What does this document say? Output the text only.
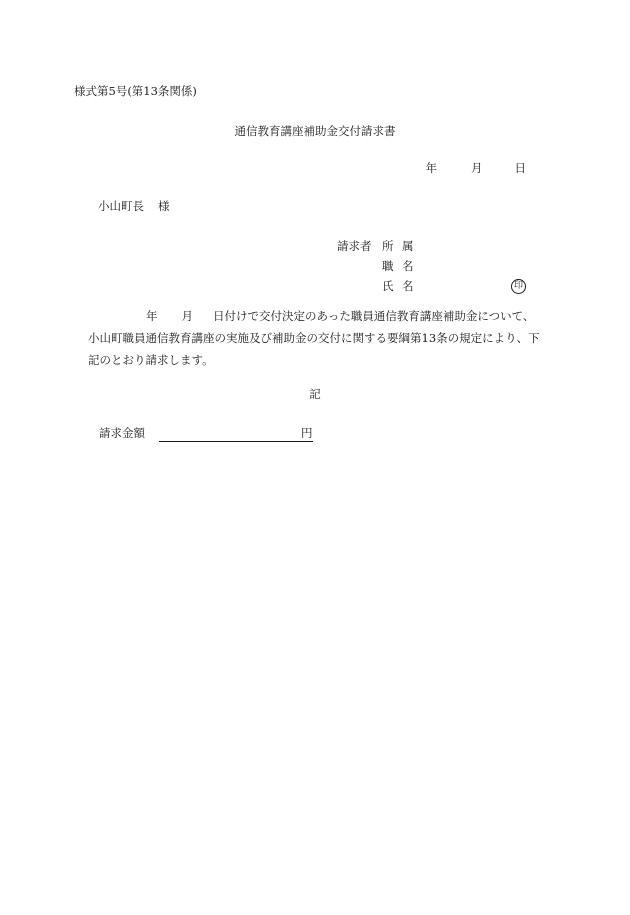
様式第5号(第13条関係)
通信教育講座補助金交付請求書
年	月	日
小山町長 様
請求者 所 属
職 名
氏 名	印
年 月 日付けで交付決定のあった職員通信教育講座補助金について、
小山町職員通信教育講座の実施及び補助金の交付に関する要綱第13条の規定により、下
記のとおり請求します。
記
請求金額	円
